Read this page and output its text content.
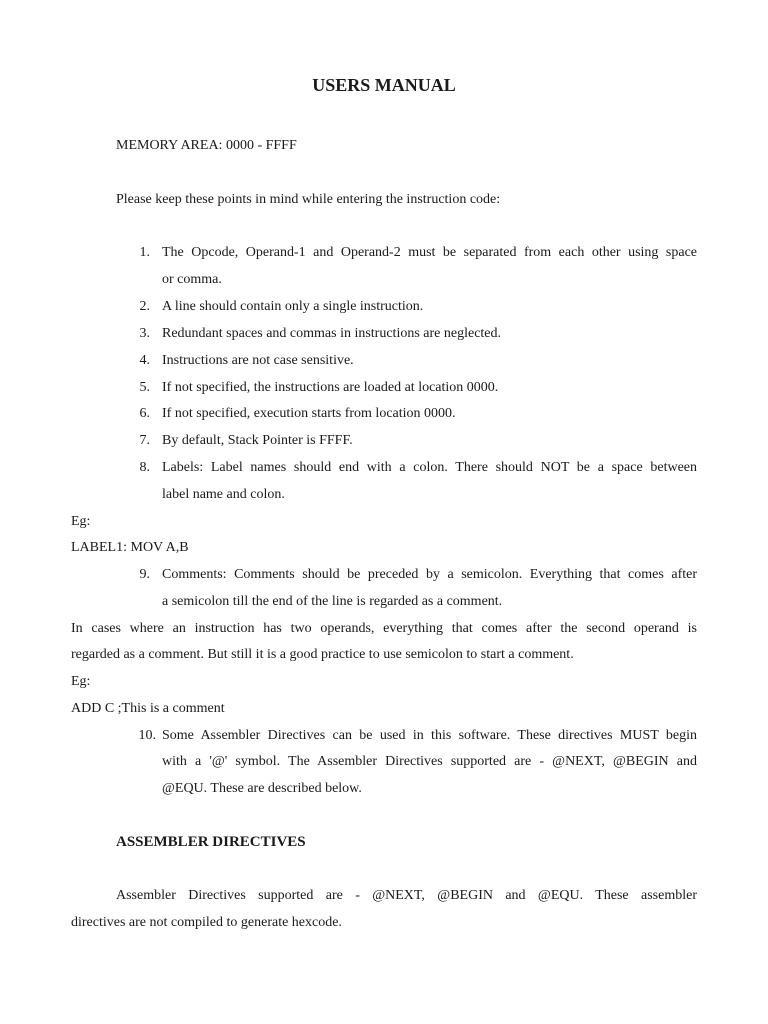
USERS MANUAL
MEMORY AREA: 0000 - FFFF
Please keep these points in mind while entering the instruction code:
1. The Opcode, Operand-1 and Operand-2 must be separated from each other using space
or comma.
2. A line should contain only a single instruction.
3. Redundant spaces and commas in instructions are neglected.
4. Instructions are not case sensitive.
5. If not specified, the instructions are loaded at location 0000.
6. If not specified, execution starts from location 0000.
7. By default, Stack Pointer is FFFF.
8. Labels: Label names should end with a colon. There should NOT be a space between
label name and colon.
Eg:
LABEL1: MOV A,B
9. Comments: Comments should be preceded by a semicolon. Everything that comes after
a semicolon till the end of the line is regarded as a comment.
In cases where an instruction has two operands, everything that comes after the second operand is
regarded as a comment. But still it is a good practice to use semicolon to start a comment.
Eg:
ADD C ;This is a comment
10. Some Assembler Directives can be used in this software. These directives MUST begin
with a '@' symbol. The Assembler Directives supported are - @NEXT, @BEGIN and
@EQU. These are described below.
ASSEMBLER DIRECTIVES
Assembler Directives supported are - @NEXT, @BEGIN and @EQU. These assembler
directives are not compiled to generate hexcode.
